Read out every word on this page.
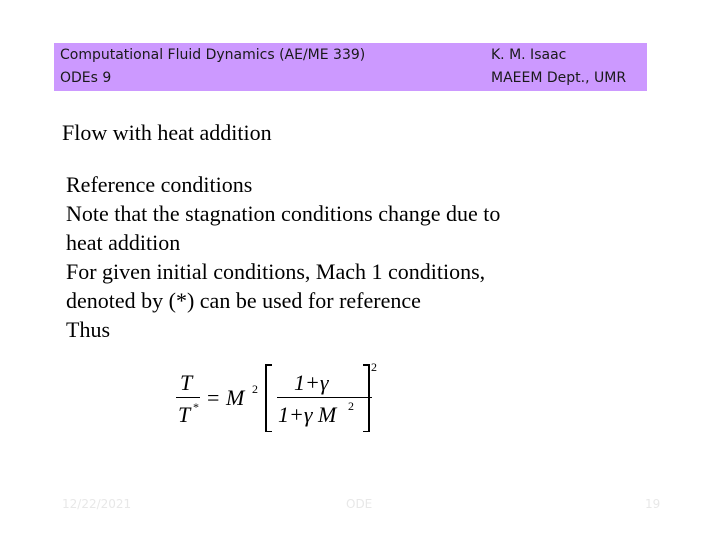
Computational Fluid Dynamics (AE/ME 339)
ODEs 9
K. M. Isaac
MAEEM Dept., UMR
Flow with heat addition
Reference conditions
Note that the stagnation conditions change due to
heat addition
For given initial conditions, Mach 1 conditions,
denoted by (*) can be used for reference
Thus
T
T * = M 2 1+γ
1+γ M 2
2
12/22/2021	ODE	19
